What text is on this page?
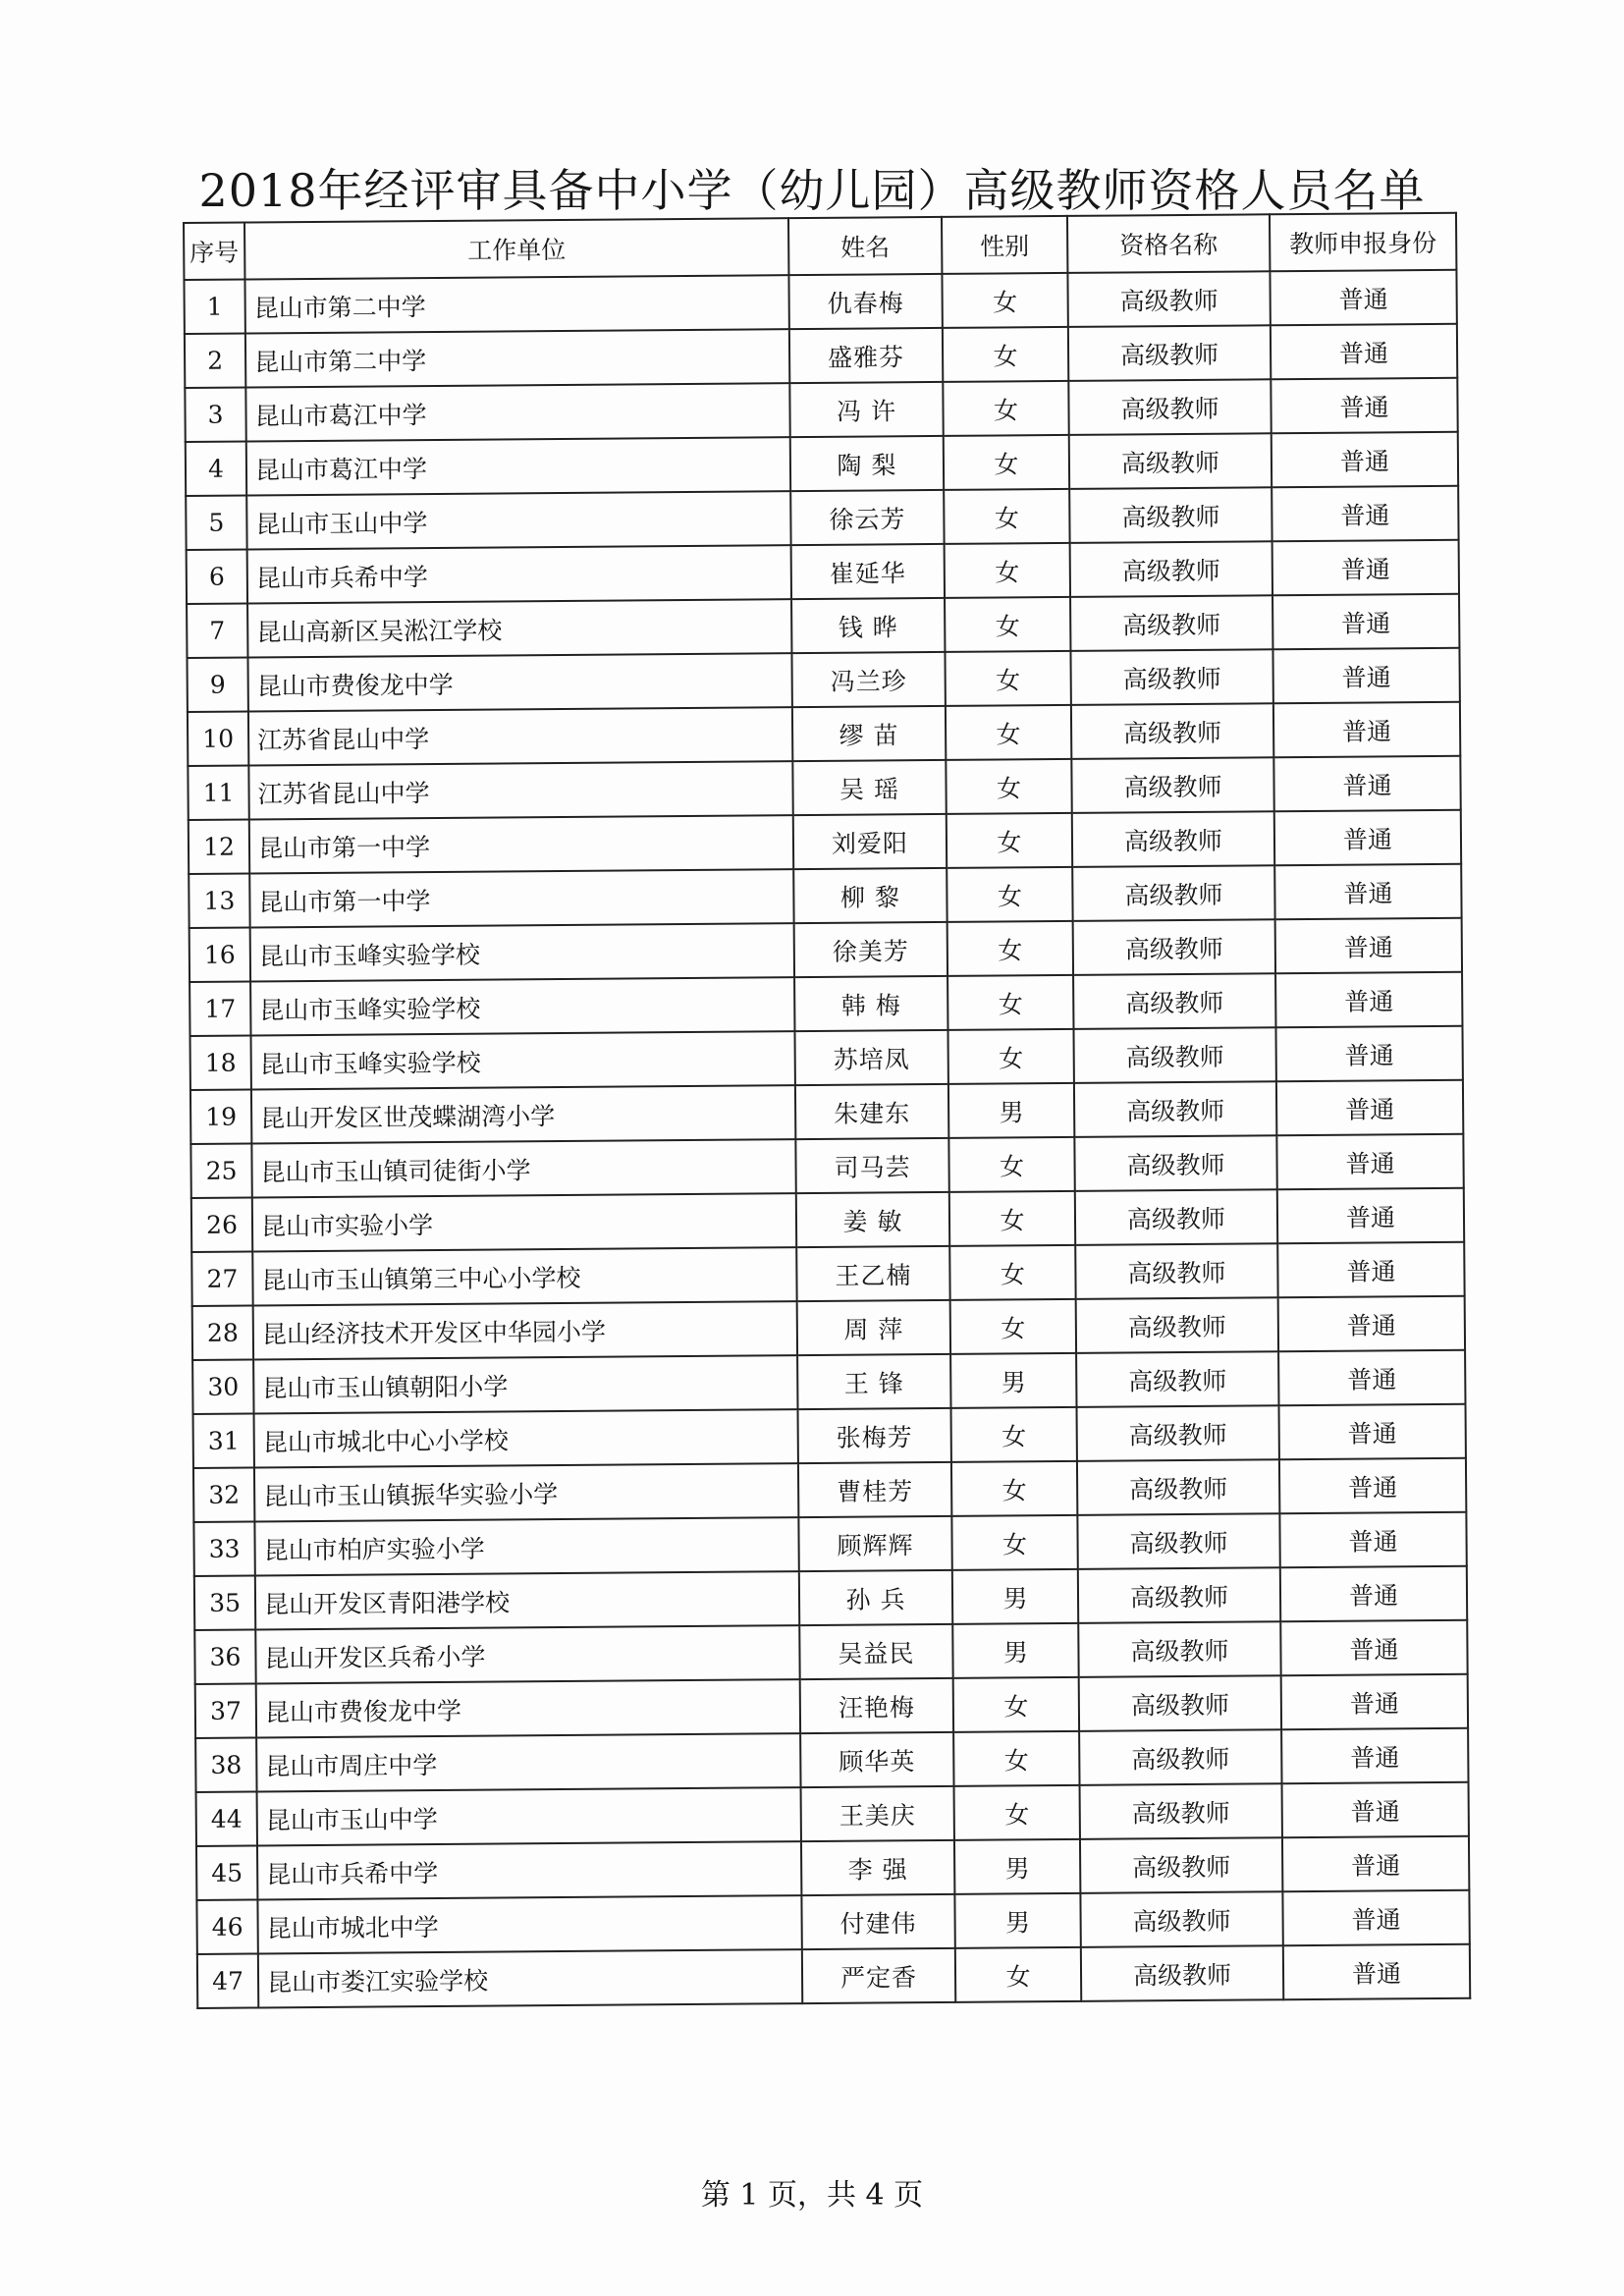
2018年经评审具备中小学（幼儿园）高级教师资格人员名单
序号	工作单位	姓名	性别	资格名称	教师申报身份
1	昆山市第二中学	仇春梅	女	高级教师	普通
2	昆山市第二中学	盛雅芬	女	高级教师	普通
3	昆山市葛江中学	冯 许	女	高级教师	普通
4	昆山市葛江中学	陶 梨	女	高级教师	普通
5	昆山市玉山中学	徐云芳	女	高级教师	普通
6	昆山市兵希中学	崔延华	女	高级教师	普通
7	昆山高新区吴淞江学校	钱 晔	女	高级教师	普通
9	昆山市费俊龙中学	冯兰珍	女	高级教师	普通
10	江苏省昆山中学	缪 苗	女	高级教师	普通
11	江苏省昆山中学	吴 瑶	女	高级教师	普通
12	昆山市第一中学	刘爱阳	女	高级教师	普通
13	昆山市第一中学	柳 黎	女	高级教师	普通
16	昆山市玉峰实验学校	徐美芳	女	高级教师	普通
17	昆山市玉峰实验学校	韩 梅	女	高级教师	普通
18	昆山市玉峰实验学校	苏培凤	女	高级教师	普通
19	昆山开发区世茂蝶湖湾小学	朱建东	男	高级教师	普通
25	昆山市玉山镇司徒街小学	司马芸	女	高级教师	普通
26	昆山市实验小学	姜 敏	女	高级教师	普通
27	昆山市玉山镇第三中心小学校	王乙楠	女	高级教师	普通
28	昆山经济技术开发区中华园小学	周 萍	女	高级教师	普通
30	昆山市玉山镇朝阳小学	王 锋	男	高级教师	普通
31	昆山市城北中心小学校	张梅芳	女	高级教师	普通
32	昆山市玉山镇振华实验小学	曹桂芳	女	高级教师	普通
33	昆山市柏庐实验小学	顾辉辉	女	高级教师	普通
35	昆山开发区青阳港学校	孙 兵	男	高级教师	普通
36	昆山开发区兵希小学	吴益民	男	高级教师	普通
37	昆山市费俊龙中学	汪艳梅	女	高级教师	普通
38	昆山市周庄中学	顾华英	女	高级教师	普通
44	昆山市玉山中学	王美庆	女	高级教师	普通
45	昆山市兵希中学	李 强	男	高级教师	普通
46	昆山市城北中学	付建伟	男	高级教师	普通
47	昆山市娄江实验学校	严定香	女	高级教师	普通
第 1 页，共 4 页
